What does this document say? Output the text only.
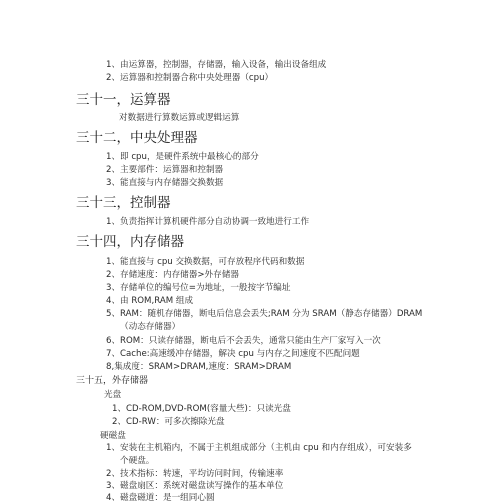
1、由运算器，控制器，存储器，输入设备，输出设备组成
2、运算器和控制器合称中央处理器（cpu）
三十一，运算器
对数据进行算数运算或逻辑运算
三十二，中央处理器
1、即 cpu，是硬件系统中最核心的部分
2、主要部件：运算器和控制器
3、能直接与内存储器交换数据
三十三，控制器
1、负责指挥计算机硬件部分自动协调一致地进行工作
三十四，内存储器
1、能直接与 cpu 交换数据，可存放程序代码和数据
2、存储速度：内存储器>外存储器
3、存储单位的编号位=为地址，一般按字节编址
4、由 ROM,RAM 组成
5、RAM：随机存储器，断电后信息会丢失;RAM 分为 SRAM（静态存储器）DRAM
（动态存储器）
6、ROM：只读存储器，断电后不会丢失，通常只能由生产厂家写入一次
7、Cache:高速缓冲存储器，解决 cpu 与内存之间速度不匹配问题
8,集成度：SRAM>DRAM,速度：SRAM>DRAM
三十五，外存储器
光盘
1、CD-ROM,DVD-ROM(容量大些)：只读光盘
2、CD-RW：可多次擦除光盘
硬磁盘
1、安装在主机箱内，不属于主机组成部分（主机由 cpu 和内存组成），可安装多
个硬盘。
2、技术指标：转速，平均访问时间，传输速率
3、磁盘扇区：系统对磁盘读写操作的基本单位
4、磁盘磁道：是一组同心圆
